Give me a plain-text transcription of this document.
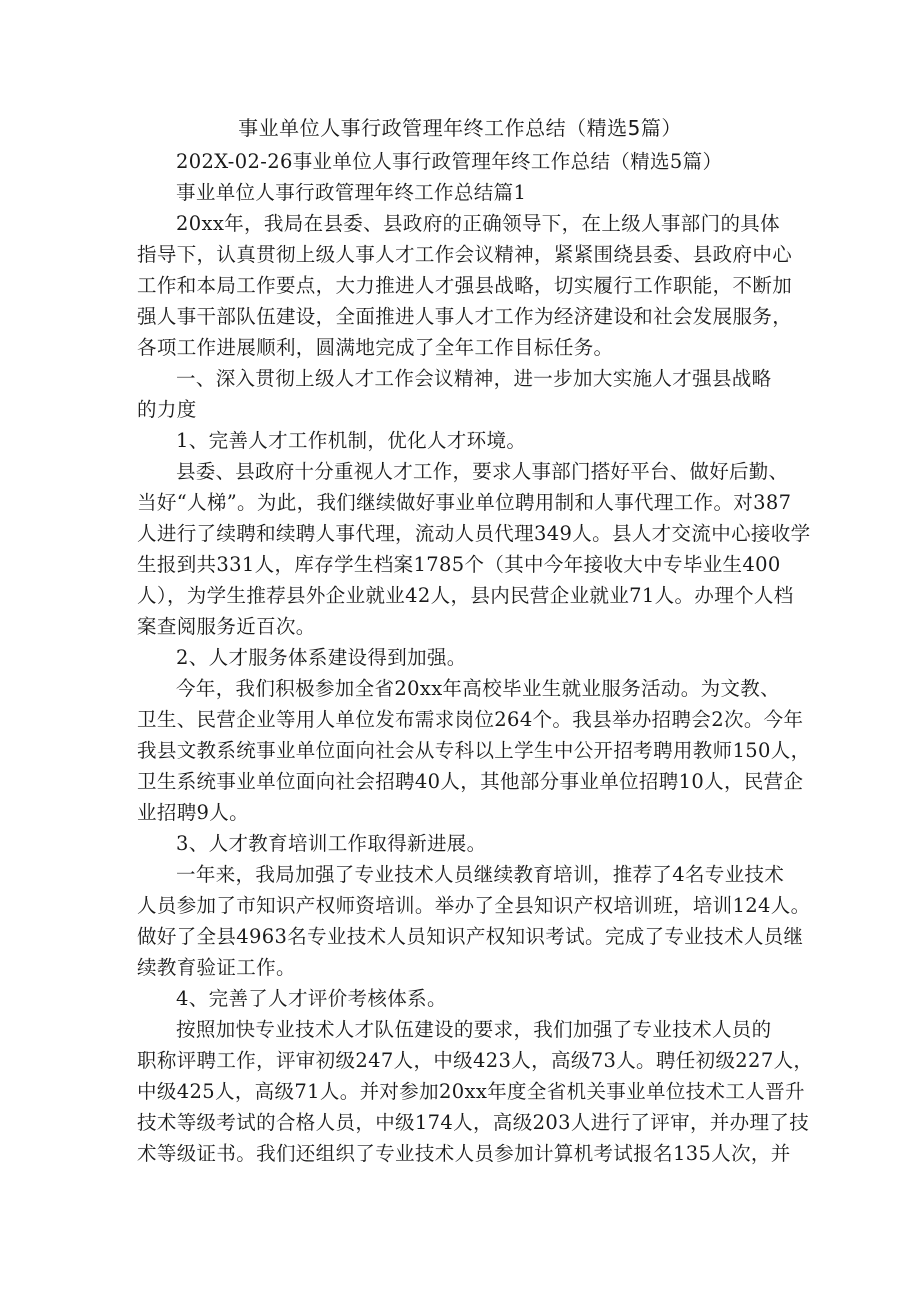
事业单位人事行政管理年终工作总结（精选5篇）
202X-02-26事业单位人事行政管理年终工作总结（精选5篇）
事业单位人事行政管理年终工作总结篇1
20xx年，我局在县委、县政府的正确领导下，在上级人事部门的具体
指导下，认真贯彻上级人事人才工作会议精神，紧紧围绕县委、县政府中心
工作和本局工作要点，大力推进人才强县战略，切实履行工作职能，不断加
强人事干部队伍建设，全面推进人事人才工作为经济建设和社会发展服务，
各项工作进展顺利，圆满地完成了全年工作目标任务。
一、深入贯彻上级人才工作会议精神，进一步加大实施人才强县战略
的力度
1、完善人才工作机制，优化人才环境。
县委、县政府十分重视人才工作，要求人事部门搭好平台、做好后勤、
当好“人梯”。为此，我们继续做好事业单位聘用制和人事代理工作。对387
人进行了续聘和续聘人事代理，流动人员代理349人。县人才交流中心接收学
生报到共331人，库存学生档案1785个（其中今年接收大中专毕业生400
人），为学生推荐县外企业就业42人，县内民营企业就业71人。办理个人档
案查阅服务近百次。
2、人才服务体系建设得到加强。
今年，我们积极参加全省20xx年高校毕业生就业服务活动。为文教、
卫生、民营企业等用人单位发布需求岗位264个。我县举办招聘会2次。今年
我县文教系统事业单位面向社会从专科以上学生中公开招考聘用教师150人，
卫生系统事业单位面向社会招聘40人，其他部分事业单位招聘10人，民营企
业招聘9人。
3、人才教育培训工作取得新进展。
一年来，我局加强了专业技术人员继续教育培训，推荐了4名专业技术
人员参加了市知识产权师资培训。举办了全县知识产权培训班，培训124人。
做好了全县4963名专业技术人员知识产权知识考试。完成了专业技术人员继
续教育验证工作。
4、完善了人才评价考核体系。
按照加快专业技术人才队伍建设的要求，我们加强了专业技术人员的
职称评聘工作，评审初级247人，中级423人，高级73人。聘任初级227人，
中级425人，高级71人。并对参加20xx年度全省机关事业单位技术工人晋升
技术等级考试的合格人员，中级174人，高级203人进行了评审，并办理了技
术等级证书。我们还组织了专业技术人员参加计算机考试报名135人次，并
